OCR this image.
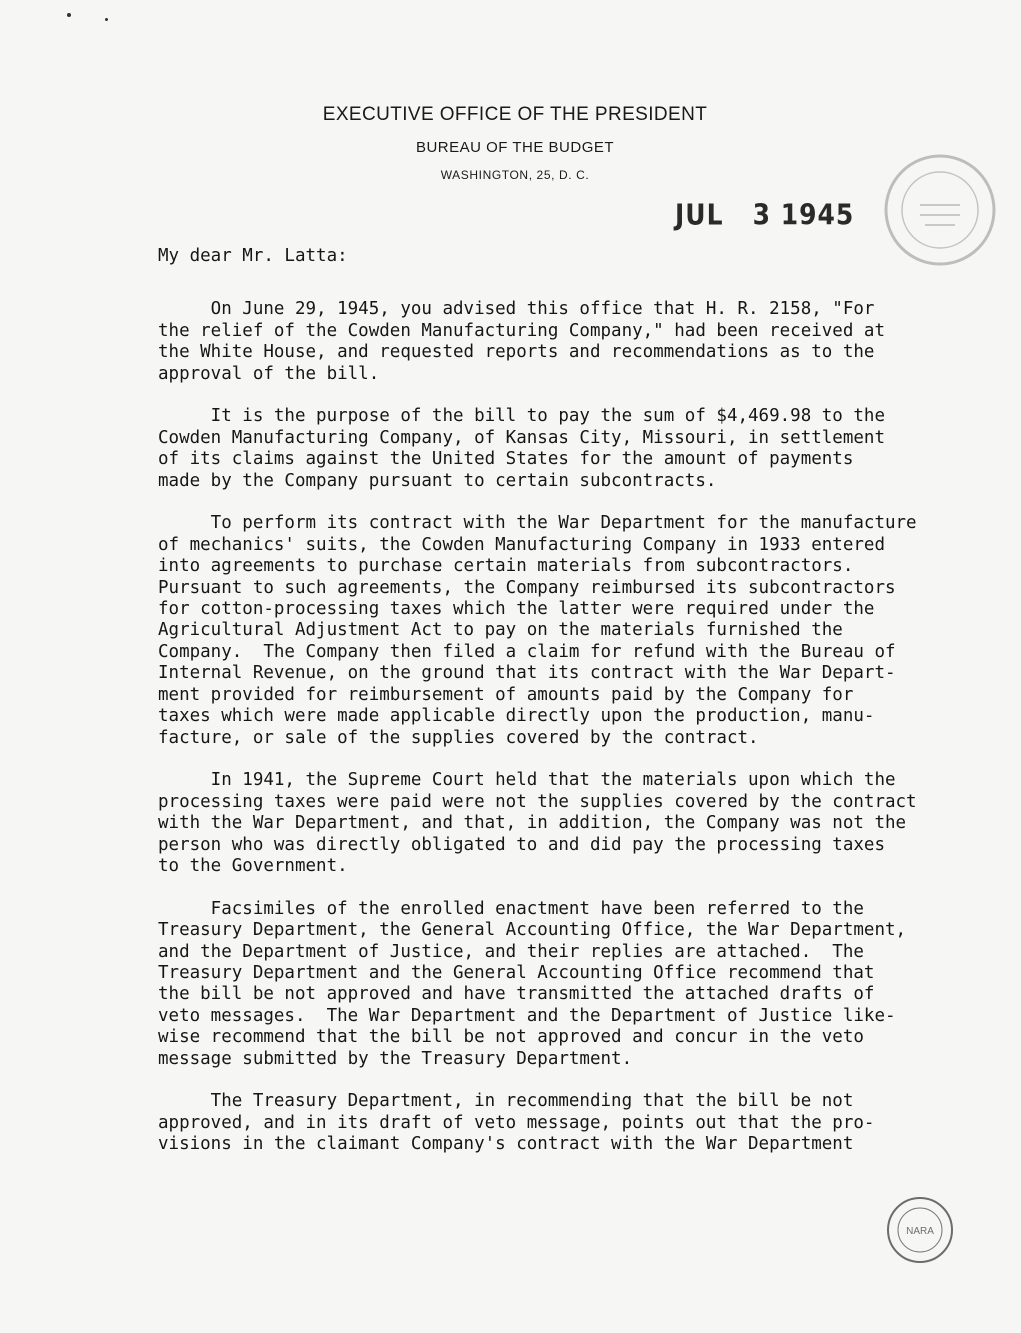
EXECUTIVE OFFICE OF THE PRESIDENT
BUREAU OF THE BUDGET
WASHINGTON, 25, D. C.
JUL   3 1945
My dear Mr. Latta:
On June 29, 1945, you advised this office that H. R. 2158, "For
the relief of the Cowden Manufacturing Company," had been received at
the White House, and requested reports and recommendations as to the
approval of the bill.
It is the purpose of the bill to pay the sum of $4,469.98 to the
Cowden Manufacturing Company, of Kansas City, Missouri, in settlement
of its claims against the United States for the amount of payments
made by the Company pursuant to certain subcontracts.
To perform its contract with the War Department for the manufacture
of mechanics' suits, the Cowden Manufacturing Company in 1933 entered
into agreements to purchase certain materials from subcontractors.
Pursuant to such agreements, the Company reimbursed its subcontractors
for cotton-processing taxes which the latter were required under the
Agricultural Adjustment Act to pay on the materials furnished the
Company.  The Company then filed a claim for refund with the Bureau of
Internal Revenue, on the ground that its contract with the War Depart-
ment provided for reimbursement of amounts paid by the Company for
taxes which were made applicable directly upon the production, manu-
facture, or sale of the supplies covered by the contract.
In 1941, the Supreme Court held that the materials upon which the
processing taxes were paid were not the supplies covered by the contract
with the War Department, and that, in addition, the Company was not the
person who was directly obligated to and did pay the processing taxes
to the Government.
Facsimiles of the enrolled enactment have been referred to the
Treasury Department, the General Accounting Office, the War Department,
and the Department of Justice, and their replies are attached.  The
Treasury Department and the General Accounting Office recommend that
the bill be not approved and have transmitted the attached drafts of
veto messages.  The War Department and the Department of Justice like-
wise recommend that the bill be not approved and concur in the veto
message submitted by the Treasury Department.
The Treasury Department, in recommending that the bill be not
approved, and in its draft of veto message, points out that the pro-
visions in the claimant Company's contract with the War Department
NARA
